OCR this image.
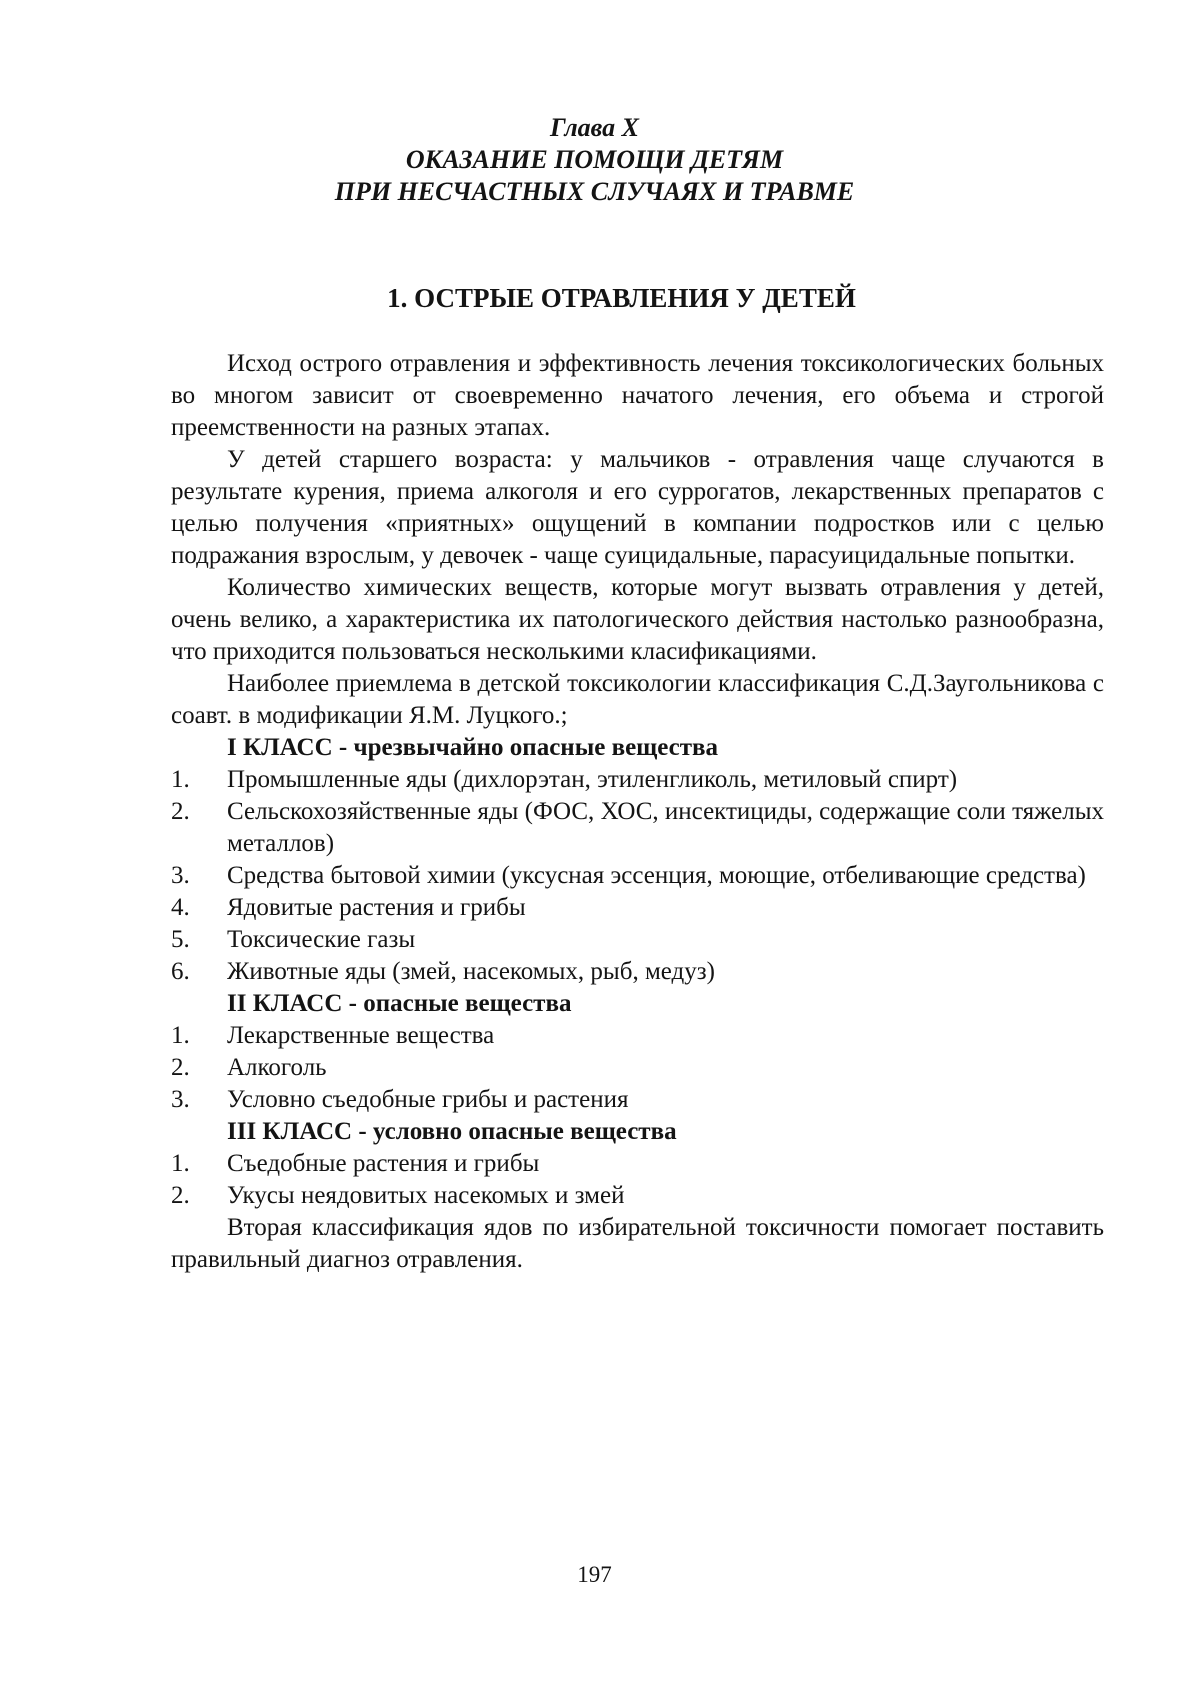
Глава X
ОКАЗАНИЕ ПОМОЩИ ДЕТЯМ
ПРИ НЕСЧАСТНЫХ СЛУЧАЯХ И ТРАВМЕ
1. ОСТРЫЕ ОТРАВЛЕНИЯ У ДЕТЕЙ

Исход острого отравления и эффективность лечения токсикологических больных во многом зависит от своевременно начатого лечения, его объема и строгой преемственности на разных этапах.

У детей старшего возраста: у мальчиков - отравления чаще случаются в результате курения, приема алкоголя и его суррогатов, лекарственных препаратов с целью получения «приятных» ощущений в компании подростков или с целью подражания взрослым, у девочек - чаще суицидальные, парасуицидальные попытки.

Количество химических веществ, которые могут вызвать отравления у детей, очень велико, а характеристика их патологического действия настолько разнообразна, что приходится пользоваться несколькими класификациями.

Наиболее приемлема в детской токсикологии классификация С.Д.Заугольникова с соавт. в модификации Я.М. Луцкого.;

I КЛАСС - чрезвычайно опасные вещества

1. Промышленные яды (дихлорэтан, этиленгликоль, метиловый спирт)
2. Сельскохозяйственные яды (ФОС, ХОС, инсектициды, содержащие соли тяжелых металлов)
3. Средства бытовой химии (уксусная эссенция, моющие, отбеливающие средства)
4. Ядовитые растения и грибы
5. Токсические газы
6. Животные яды (змей, насекомых, рыб, медуз)

II КЛАСС - опасные вещества

1. Лекарственные вещества
2. Алкоголь
3. Условно съедобные грибы и растения

III КЛАСС - условно опасные вещества

1. Съедобные растения и грибы
2. Укусы неядовитых насекомых и змей

Вторая классификация ядов по избирательной токсичности помогает поставить правильный диагноз отравления.

197
